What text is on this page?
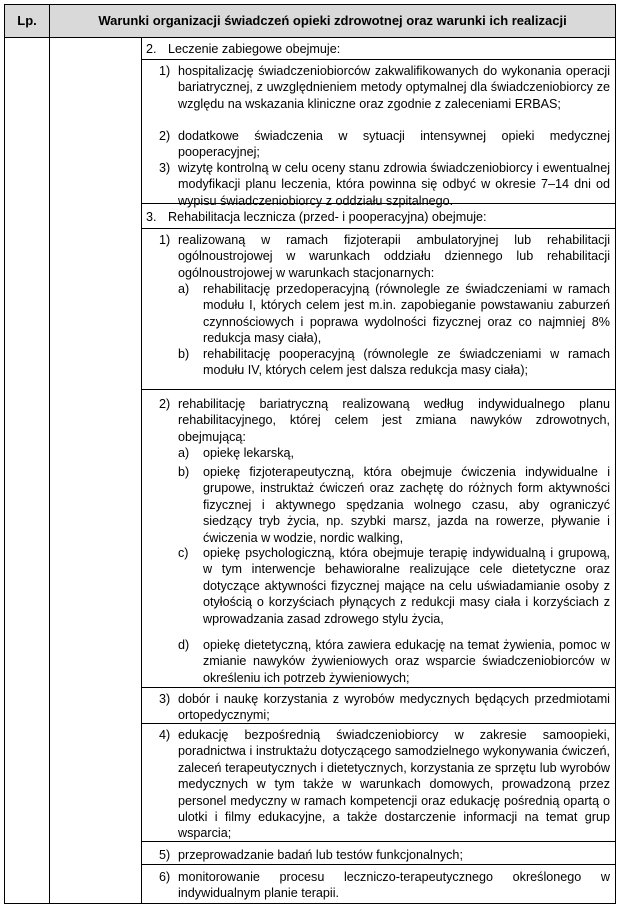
Lp.	Warunki organizacji świadczeń opieki zdrowotnej oraz warunki ich realizacji
2. Leczenie zabiegowe obejmuje:
1) hospitalizację świadczeniobiorców zakwalifikowanych do wykonania operacji bariatrycznej, z uwzględnieniem metody optymalnej dla świadczeniobiorcy ze względu na wskazania kliniczne oraz zgodnie z zaleceniami ERBAS;
2) dodatkowe świadczenia w sytuacji intensywnej opieki medycznej pooperacyjnej;
3) wizytę kontrolną w celu oceny stanu zdrowia świadczeniobiorcy i ewentualnej modyfikacji planu leczenia, która powinna się odbyć w okresie 7–14 dni od wypisu świadczeniobiorcy z oddziału szpitalnego.
3. Rehabilitacja lecznicza (przed- i pooperacyjna) obejmuje:
1) realizowaną w ramach fizjoterapii ambulatoryjnej lub rehabilitacji ogólnoustrojowej w warunkach oddziału dziennego lub rehabilitacji ogólnoustrojowej w warunkach stacjonarnych:
a) rehabilitację przedoperacyjną (równolegle ze świadczeniami w ramach modułu I, których celem jest m.in. zapobieganie powstawaniu zaburzeń czynnościowych i poprawa wydolności fizycznej oraz co najmniej 8% redukcja masy ciała),
b) rehabilitację pooperacyjną (równolegle ze świadczeniami w ramach modułu IV, których celem jest dalsza redukcja masy ciała);
2) rehabilitację bariatryczną realizowaną według indywidualnego planu rehabilitacyjnego, której celem jest zmiana nawyków zdrowotnych, obejmującą:
a) opiekę lekarską,
b) opiekę fizjoterapeutyczną, która obejmuje ćwiczenia indywidualne i grupowe, instruktaż ćwiczeń oraz zachętę do różnych form aktywności fizycznej i aktywnego spędzania wolnego czasu, aby ograniczyć siedzący tryb życia, np. szybki marsz, jazda na rowerze, pływanie i ćwiczenia w wodzie, nordic walking,
c) opiekę psychologiczną, która obejmuje terapię indywidualną i grupową, w tym interwencje behawioralne realizujące cele dietetyczne oraz dotyczące aktywności fizycznej mające na celu uświadamianie osoby z otyłością o korzyściach płynących z redukcji masy ciała i korzyściach z wprowadzania zasad zdrowego stylu życia,
d) opiekę dietetyczną, która zawiera edukację na temat żywienia, pomoc w zmianie nawyków żywieniowych oraz wsparcie świadczeniobiorców w określeniu ich potrzeb żywieniowych;
3) dobór i naukę korzystania z wyrobów medycznych będących przedmiotami ortopedycznymi;
4) edukację bezpośrednią świadczeniobiorcy w zakresie samoopieki, poradnictwa i instruktażu dotyczącego samodzielnego wykonywania ćwiczeń, zaleceń terapeutycznych i dietetycznych, korzystania ze sprzętu lub wyrobów medycznych w tym także w warunkach domowych, prowadzoną przez personel medyczny w ramach kompetencji oraz edukację pośrednią opartą o ulotki i filmy edukacyjne, a także dostarczenie informacji na temat grup wsparcia;
5) przeprowadzanie badań lub testów funkcjonalnych;
6) monitorowanie procesu leczniczo-terapeutycznego określonego w indywidualnym planie terapii.
